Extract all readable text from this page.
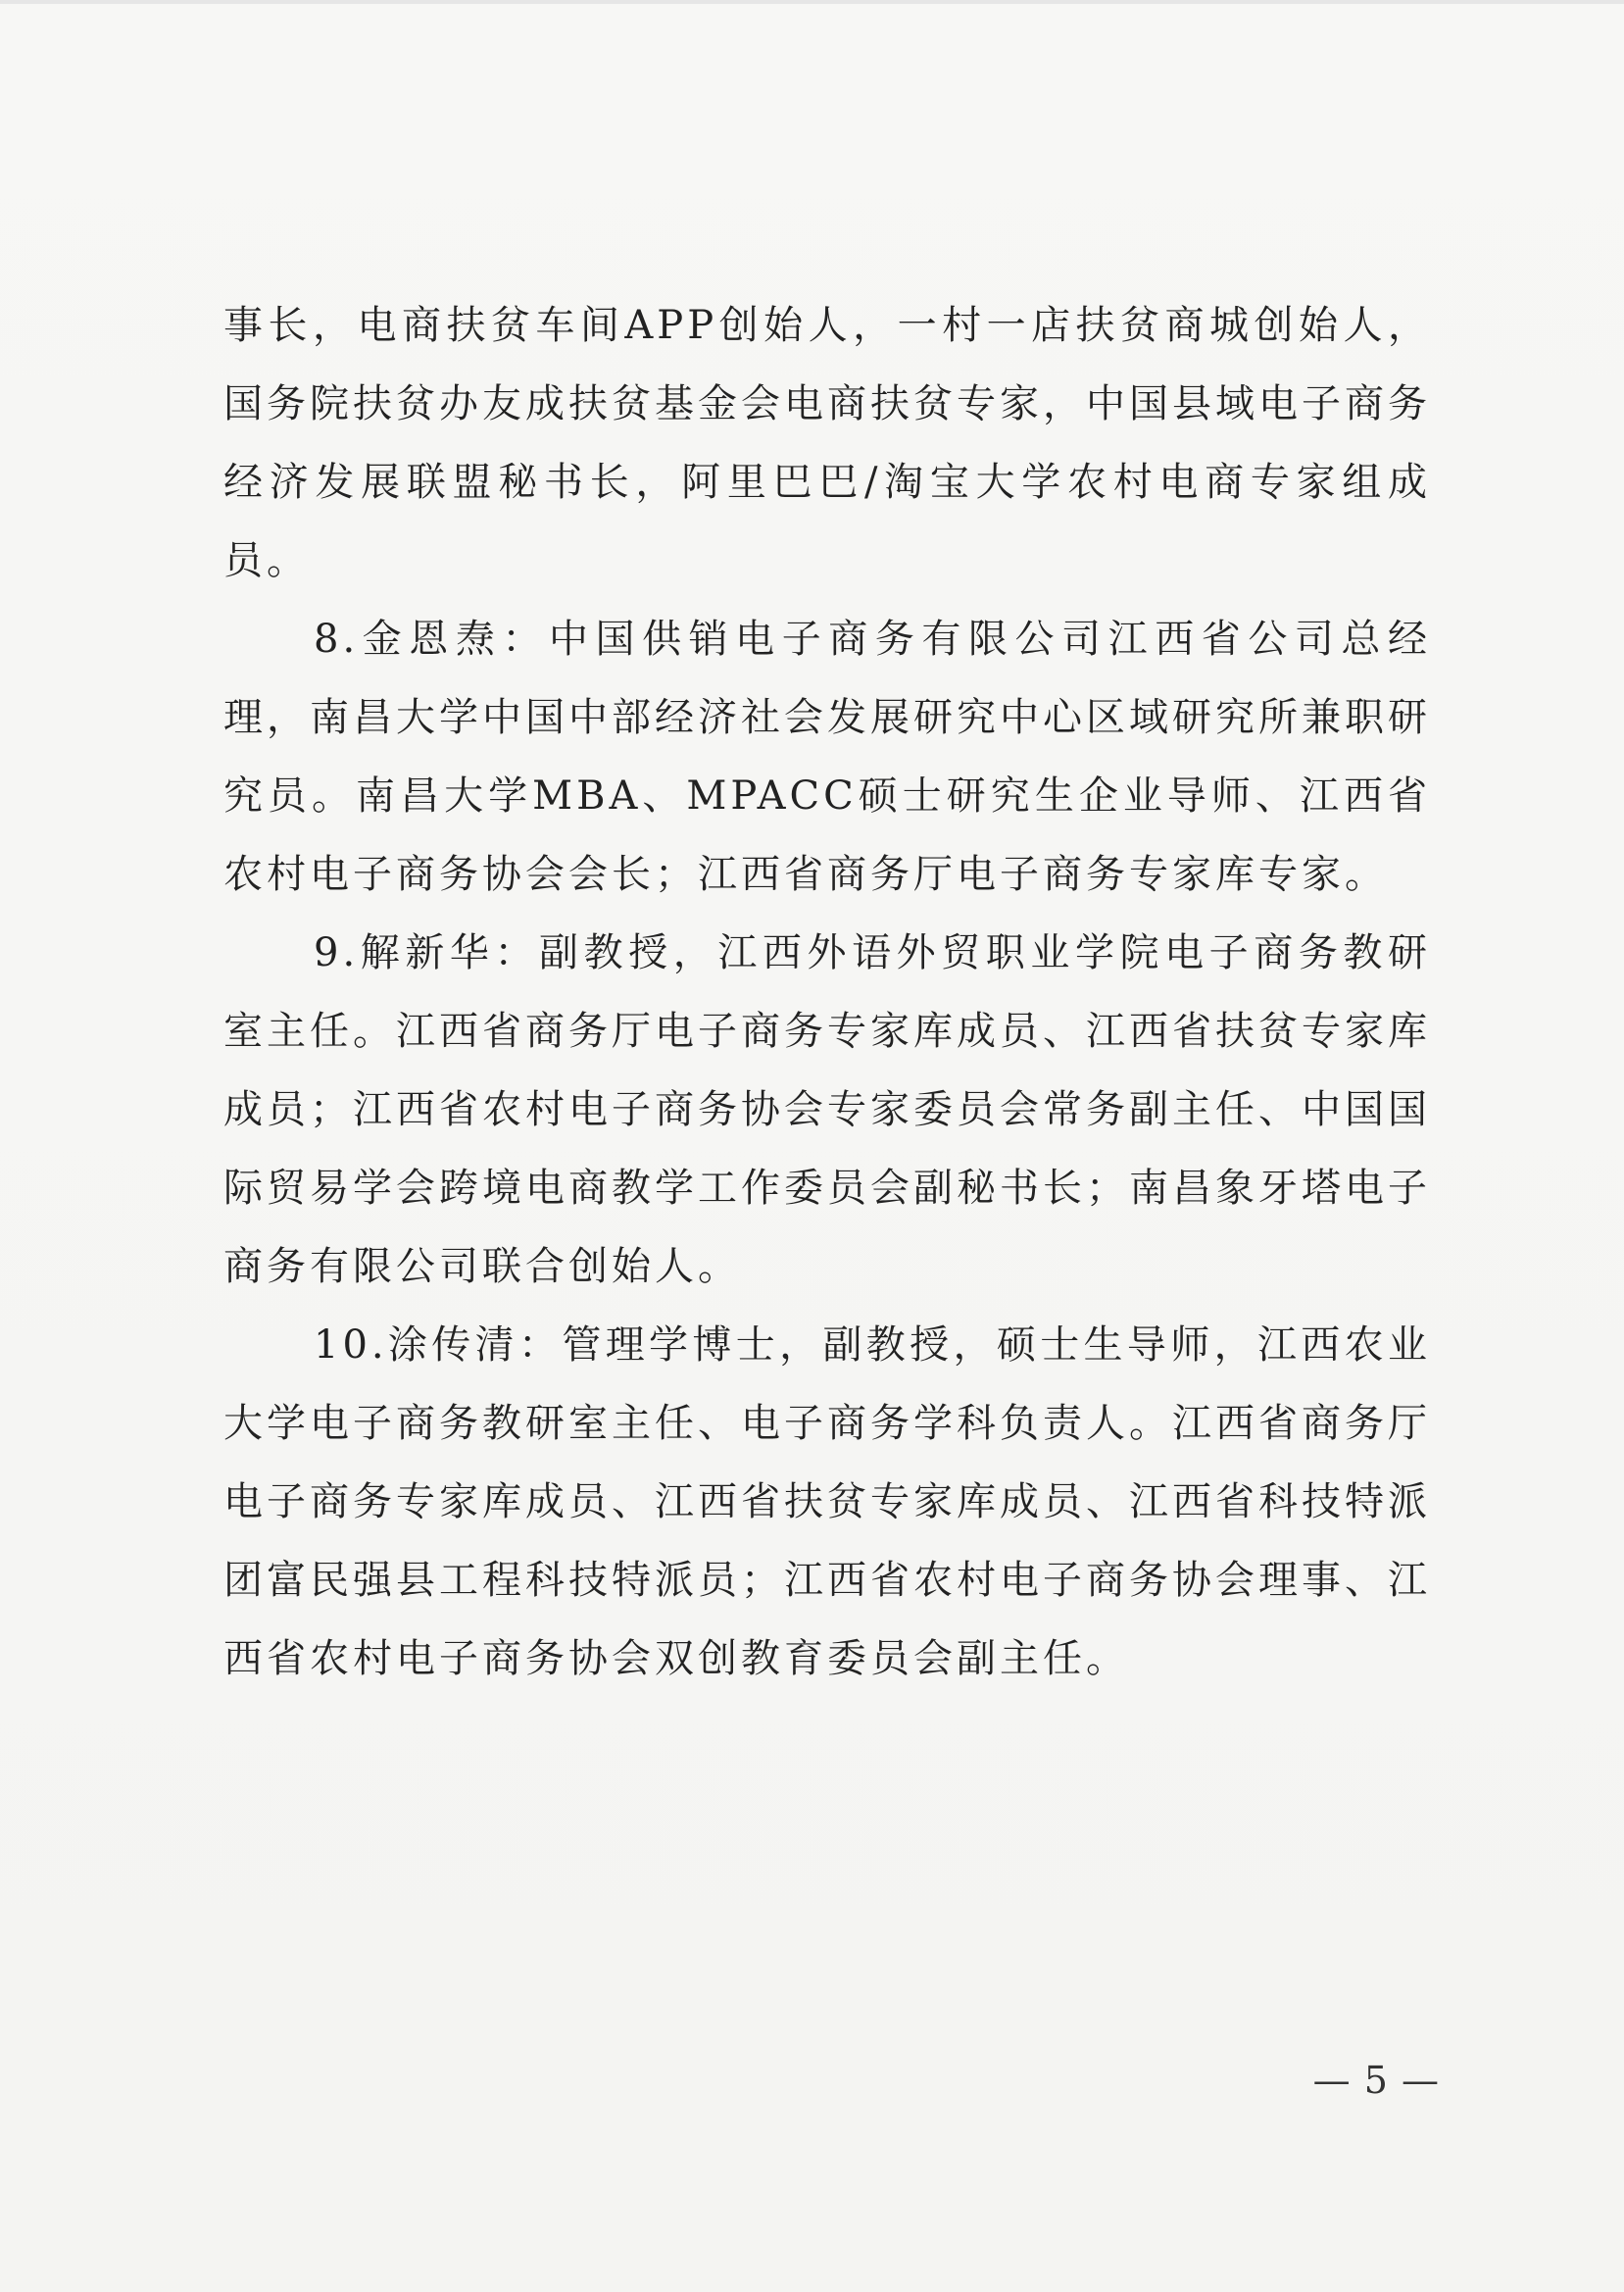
事长，电商扶贫车间APP创始人，一村一店扶贫商城创始人，国务院扶贫办友成扶贫基金会电商扶贫专家，中国县域电子商务经济发展联盟秘书长，阿里巴巴/淘宝大学农村电商专家组成员。

8.金恩焘：中国供销电子商务有限公司江西省公司总经理，南昌大学中国中部经济社会发展研究中心区域研究所兼职研究员。南昌大学MBA、MPACC硕士研究生企业导师、江西省农村电子商务协会会长；江西省商务厅电子商务专家库专家。

9.解新华：副教授，江西外语外贸职业学院电子商务教研室主任。江西省商务厅电子商务专家库成员、江西省扶贫专家库成员；江西省农村电子商务协会专家委员会常务副主任、中国国际贸易学会跨境电商教学工作委员会副秘书长；南昌象牙塔电子商务有限公司联合创始人。

10.涂传清：管理学博士，副教授，硕士生导师，江西农业大学电子商务教研室主任、电子商务学科负责人。江西省商务厅电子商务专家库成员、江西省扶贫专家库成员、江西省科技特派团富民强县工程科技特派员；江西省农村电子商务协会理事、江西省农村电子商务协会双创教育委员会副主任。

— 5 —
